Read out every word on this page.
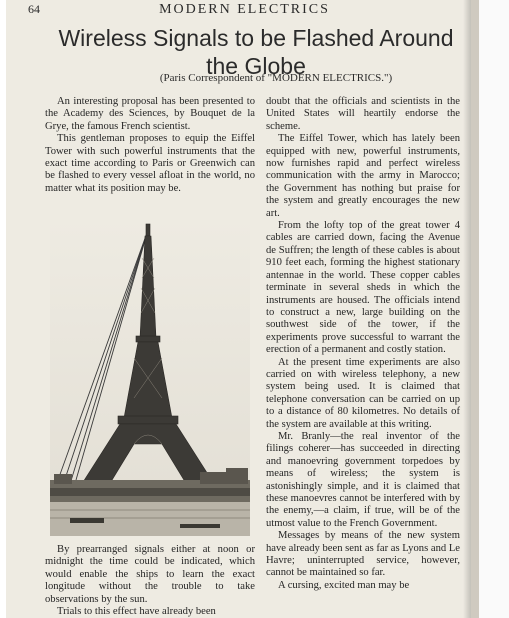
64	MODERN ELECTRICS
Wireless Signals to be Flashed Around the Globe
(Paris Correspondent of "MODERN ELECTRICS.")

An interesting proposal has been presented to the Academy des Sciences, by Bouquet de la Grye, the famous French scientist.

This gentleman proposes to equip the Eiffel Tower with such powerful instruments that the exact time according to Paris or Greenwich can be flashed to every vessel afloat in the world, no matter what its position may be.

By prearranged signals either at noon or midnight the time could be indicated, which would enable the ships to learn the exact longitude without the trouble to take observations by the sun.

Trials to this effect have already been

doubt that the officials and scientists in the United States will heartily endorse the scheme.

The Eiffel Tower, which has lately been equipped with new, powerful instruments, now furnishes rapid and perfect wireless communication with the army in Marocco; the Government has nothing but praise for the system and greatly encourages the new art.

From the lofty top of the great tower 4 cables are carried down, facing the Avenue de Suffren; the length of these cables is about 910 feet each, forming the highest stationary antennae in the world. These copper cables terminate in several sheds in which the instruments are housed. The officials intend to construct a new, large building on the southwest side of the tower, if the experiments prove successful to warrant the erection of a permanent and costly station.

At the present time experiments are also carried on with wireless telephony, a new system being used. It is claimed that telephone conversation can be carried on up to a distance of 80 kilometres. No details of the system are available at this writing.

Mr. Branly—the real inventor of the filings coherer—has succeeded in directing and manoevring government torpedoes by means of wireless; the system is astonishingly simple, and it is claimed that these manoevres cannot be interfered with by the enemy,—a claim, if true, will be of the utmost value to the French Government.

Messages by means of the new system have already been sent as far as Lyons and Le Havre; uninterrupted service, however, cannot be maintained so far.

A cursing, excited man may be
